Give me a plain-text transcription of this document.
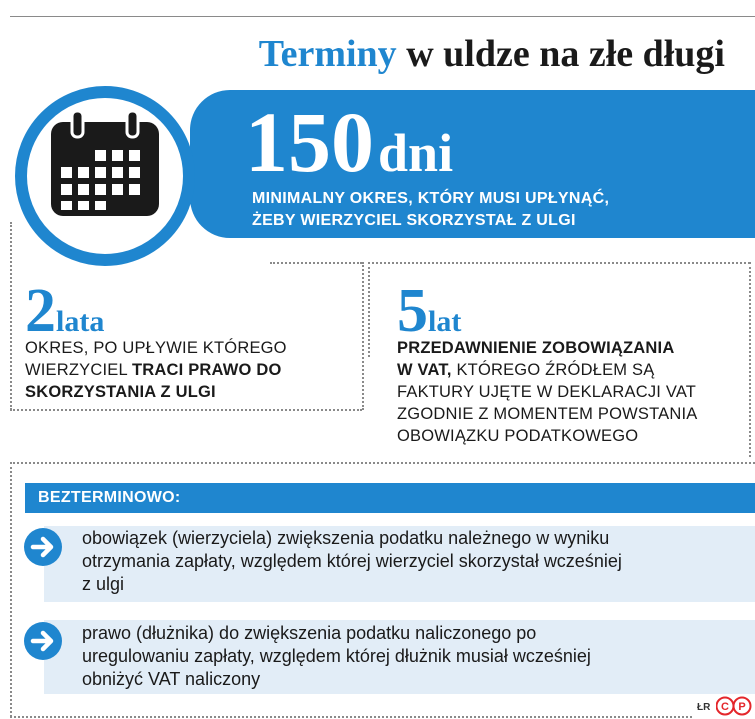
Terminy w uldze na złe długi
150 dni
MINIMALNY OKRES, KTÓRY MUSI UPŁYNĄĆ,
ŻEBY WIERZYCIEL SKORZYSTAŁ Z ULGI
2lata
OKRES, PO UPŁYWIE KTÓREGO
WIERZYCIEL TRACI PRAWO DO
SKORZYSTANIA Z ULGI
5lat
PRZEDAWNIENIE ZOBOWIĄZANIA
W VAT, KTÓREGO ŹRÓDŁEM SĄ
FAKTURY UJĘTE W DEKLARACJI VAT
ZGODNIE Z MOMENTEM POWSTANIA
OBOWIĄZKU PODATKOWEGO
BEZTERMINOWO:
obowiązek (wierzyciela) zwiększenia podatku należnego w wyniku
otrzymania zapłaty, względem której wierzyciel skorzystał wcześniej
z ulgi
prawo (dłużnika) do zwiększenia podatku naliczonego po
uregulowaniu zapłaty, względem której dłużnik musiał wcześniej
obniżyć VAT naliczony
ŁR C P
